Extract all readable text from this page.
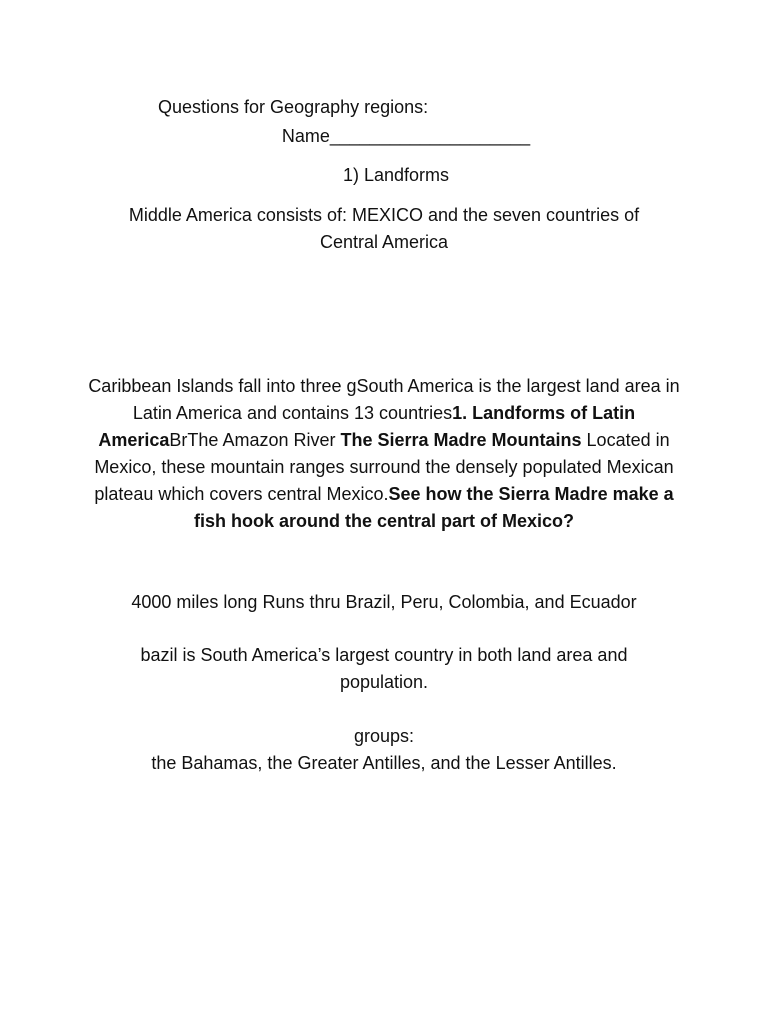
Questions for Geography regions:

Name____________________

1) Landforms

Middle America consists of: MEXICO and the seven countries of Central America

Caribbean Islands fall into three gSouth America is the largest land area in Latin America and contains 13 countries1. Landforms of Latin AmericaBrThe Amazon River The Sierra Madre Mountains Located in Mexico, these mountain ranges surround the densely populated Mexican plateau which covers central Mexico.See how the Sierra Madre make a fish hook around the central part of Mexico?

4000 miles long Runs thru Brazil, Peru, Colombia, and Ecuador

bazil is South America’s largest country in both land area and population.

groups:
the Bahamas, the Greater Antilles, and the Lesser Antilles.
